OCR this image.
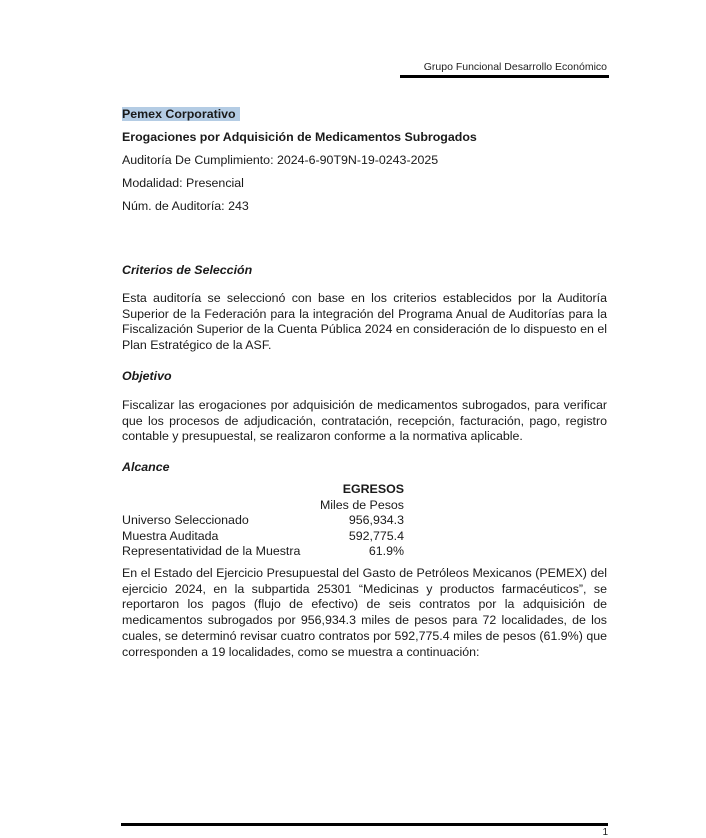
Grupo Funcional Desarrollo Económico
Pemex Corporativo
Erogaciones por Adquisición de Medicamentos Subrogados
Auditoría De Cumplimiento: 2024-6-90T9N-19-0243-2025
Modalidad: Presencial
Núm. de Auditoría: 243
Criterios de Selección
Esta auditoría se seleccionó con base en los criterios establecidos por la Auditoría Superior de la Federación para la integración del Programa Anual de Auditorías para la Fiscalización Superior de la Cuenta Pública 2024 en consideración de lo dispuesto en el Plan Estratégico de la ASF.
Objetivo
Fiscalizar las erogaciones por adquisición de medicamentos subrogados, para verificar que los procesos de adjudicación, contratación, recepción, facturación, pago, registro contable y presupuestal, se realizaron conforme a la normativa aplicable.
Alcance
EGRESOS
Miles de Pesos
Universo Seleccionado	956,934.3
Muestra Auditada	592,775.4
Representatividad de la Muestra	61.9%
En el Estado del Ejercicio Presupuestal del Gasto de Petróleos Mexicanos (PEMEX) del ejercicio 2024, en la subpartida 25301 “Medicinas y productos farmacéuticos”, se reportaron los pagos (flujo de efectivo) de seis contratos por la adquisición de medicamentos subrogados por 956,934.3 miles de pesos para 72 localidades, de los cuales, se determinó revisar cuatro contratos por 592,775.4 miles de pesos (61.9%) que corresponden a 19 localidades, como se muestra a continuación:
1
